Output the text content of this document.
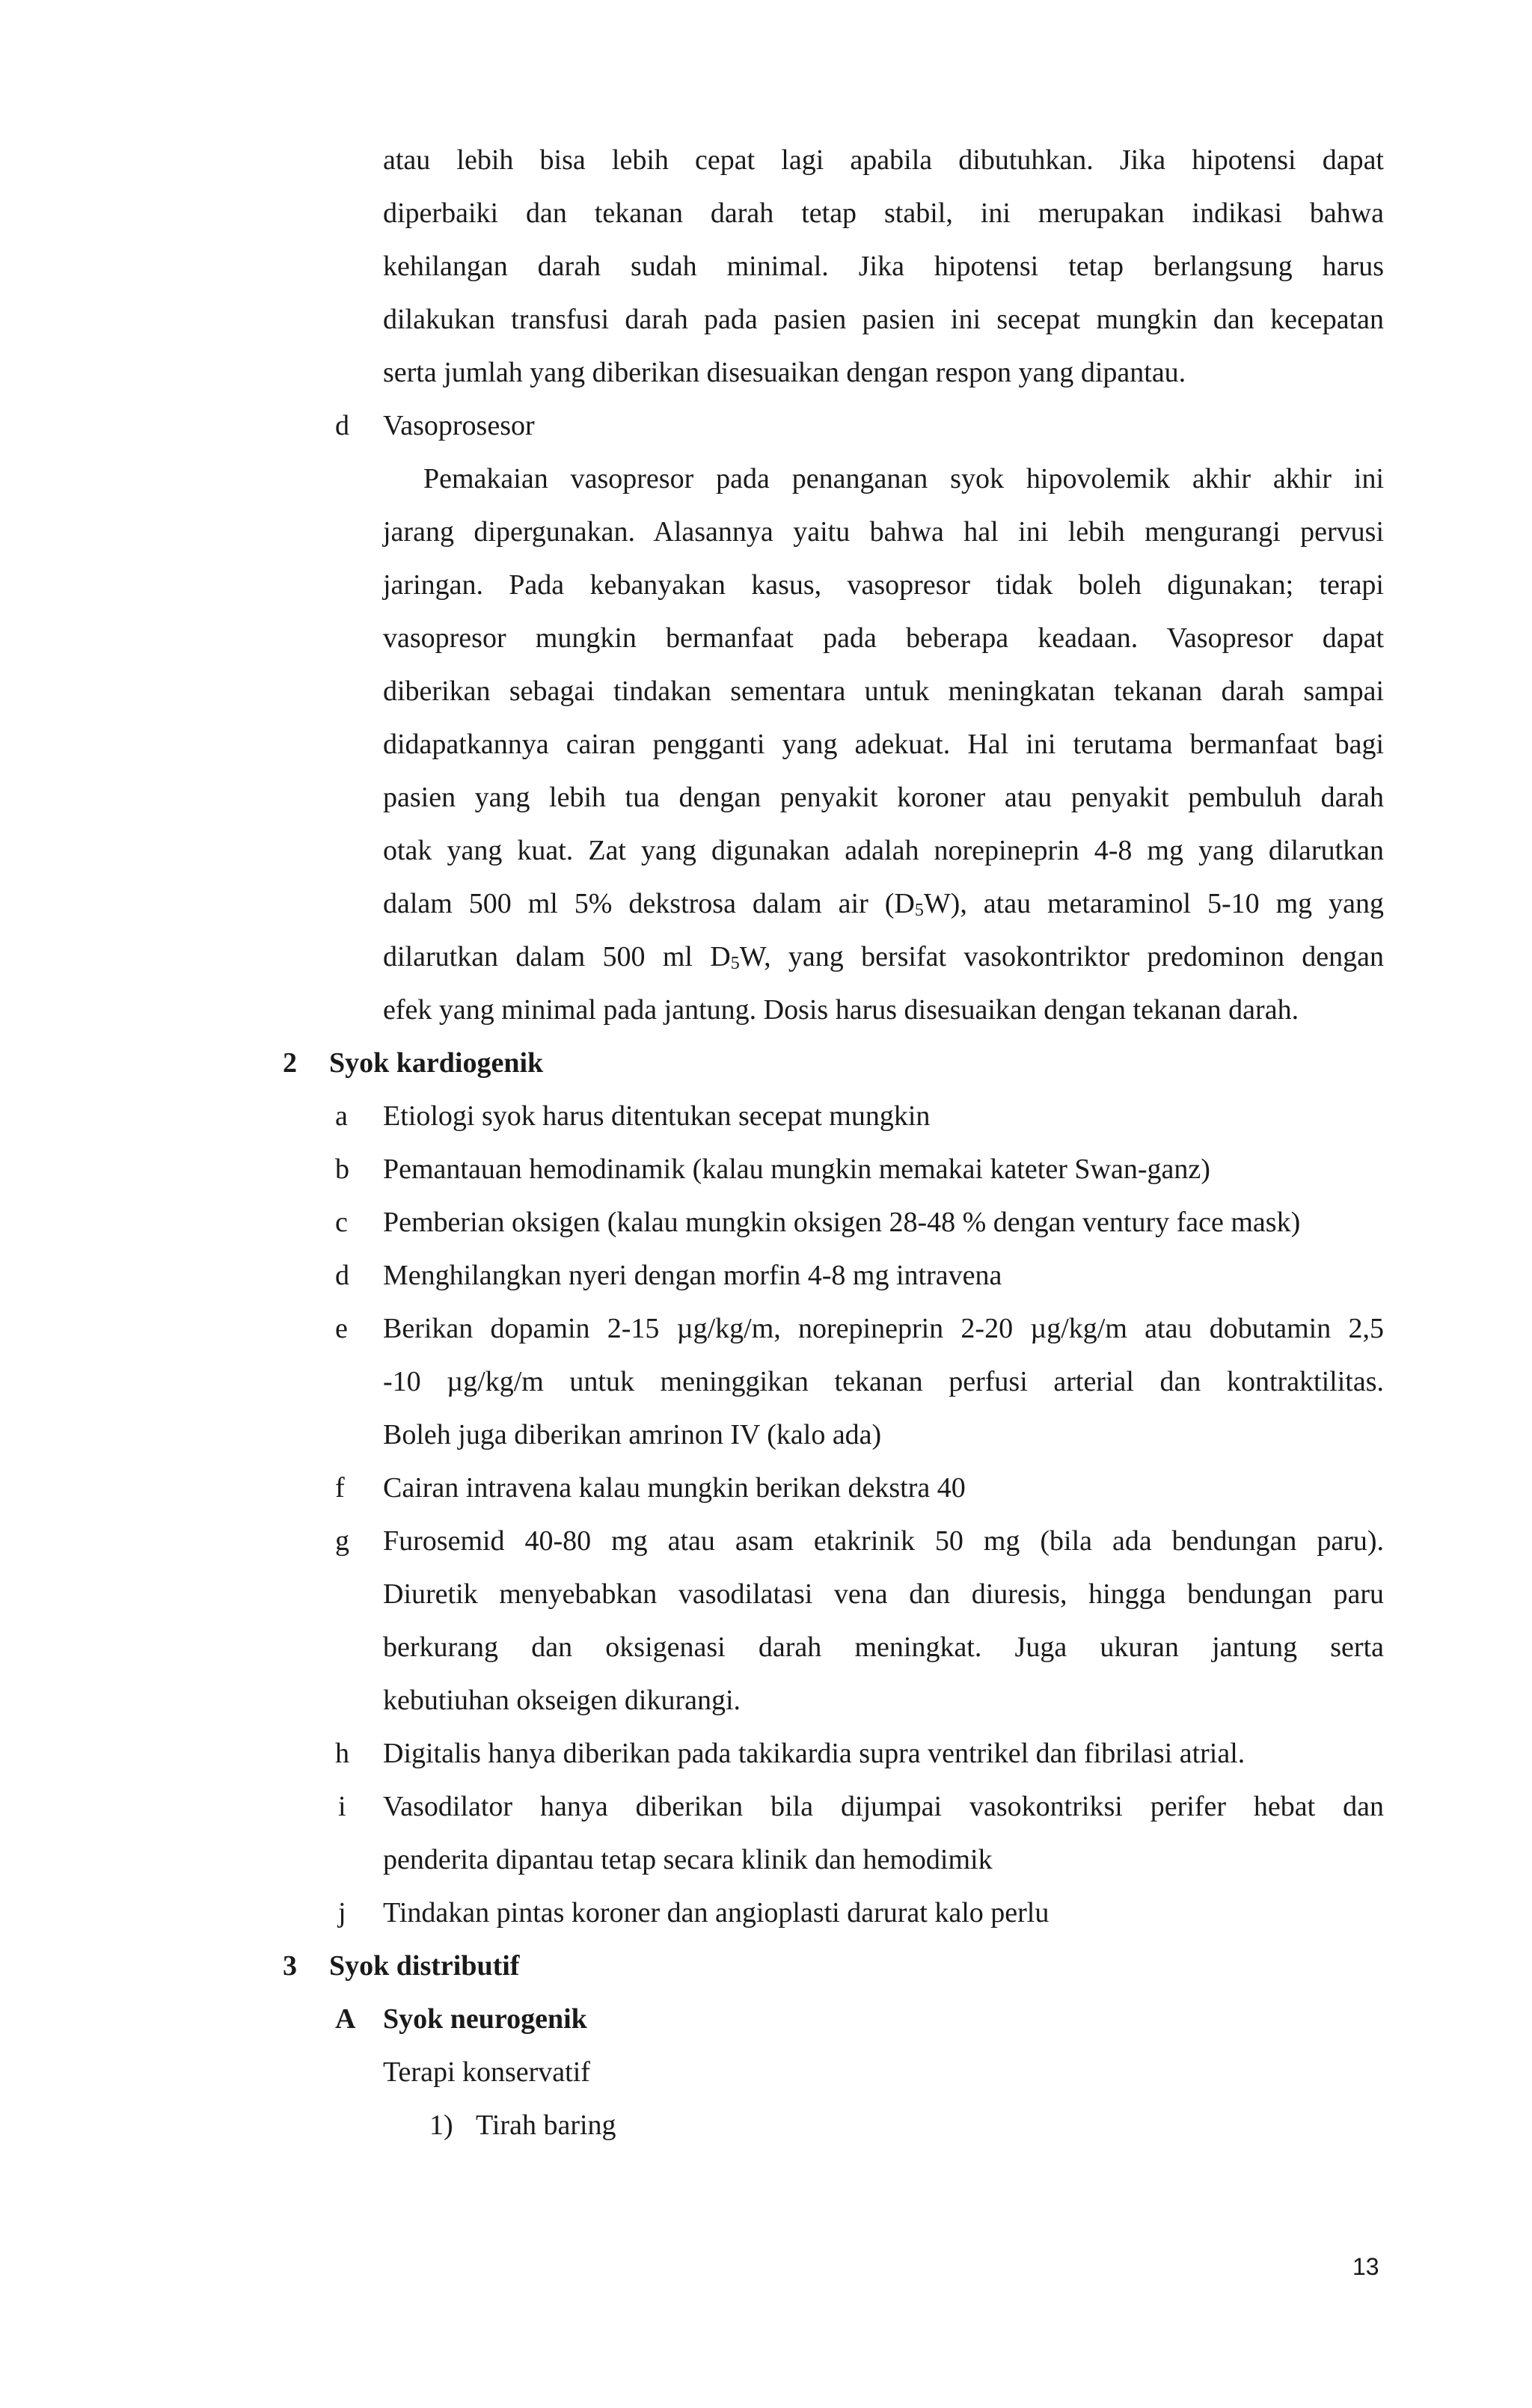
atau lebih bisa lebih cepat lagi apabila dibutuhkan. Jika hipotensi dapat
diperbaiki dan tekanan darah tetap stabil, ini merupakan indikasi bahwa
kehilangan darah sudah minimal. Jika hipotensi tetap berlangsung harus
dilakukan transfusi darah pada pasien pasien ini secepat mungkin dan kecepatan
serta jumlah yang diberikan disesuaikan dengan respon yang dipantau.
d Vasoprosesor
Pemakaian vasopresor pada penanganan syok hipovolemik akhir akhir ini
jarang dipergunakan. Alasannya yaitu bahwa hal ini lebih mengurangi pervusi
jaringan. Pada kebanyakan kasus, vasopresor tidak boleh digunakan; terapi
vasopresor mungkin bermanfaat pada beberapa keadaan. Vasopresor dapat
diberikan sebagai tindakan sementara untuk meningkatan tekanan darah sampai
didapatkannya cairan pengganti yang adekuat. Hal ini terutama bermanfaat bagi
pasien yang lebih tua dengan penyakit koroner atau penyakit pembuluh darah
otak yang kuat. Zat yang digunakan adalah norepineprin 4-8 mg yang dilarutkan
dalam 500 ml 5% dekstrosa dalam air $(D_5W)$, atau metaraminol 5-10 mg yang
dilarutkan dalam 500 ml $D_5W$, yang bersifat vasokontriktor predominon dengan
efek yang minimal pada jantung. Dosis harus disesuaikan dengan tekanan darah.
2 Syok kardiogenik
a Etiologi syok harus ditentukan secepat mungkin
b Pemantauan hemodinamik (kalau mungkin memakai kateter Swan-ganz)
c Pemberian oksigen (kalau mungkin oksigen 28-48 % dengan ventury face mask)
d Menghilangkan nyeri dengan morfin 4-8 mg intravena
e Berikan dopamin 2-15 µg/kg/m, norepineprin 2-20 µg/kg/m atau dobutamin 2,5
-10 µg/kg/m untuk meninggikan tekanan perfusi arterial dan kontraktilitas.
Boleh juga diberikan amrinon IV (kalo ada)
f Cairan intravena kalau mungkin berikan dekstra 40
g Furosemid 40-80 mg atau asam etakrinik 50 mg (bila ada bendungan paru).
Diuretik menyebabkan vasodilatasi vena dan diuresis, hingga bendungan paru
berkurang dan oksigenasi darah meningkat. Juga ukuran jantung serta
kebutiuhan okseigen dikurangi.
h Digitalis hanya diberikan pada takikardia supra ventrikel dan fibrilasi atrial.
i Vasodilator hanya diberikan bila dijumpai vasokontriksi perifer hebat dan
penderita dipantau tetap secara klinik dan hemodimik
j Tindakan pintas koroner dan angioplasti darurat kalo perlu
3 Syok distributif
A Syok neurogenik
Terapi konservatif
1) Tirah baring
13
